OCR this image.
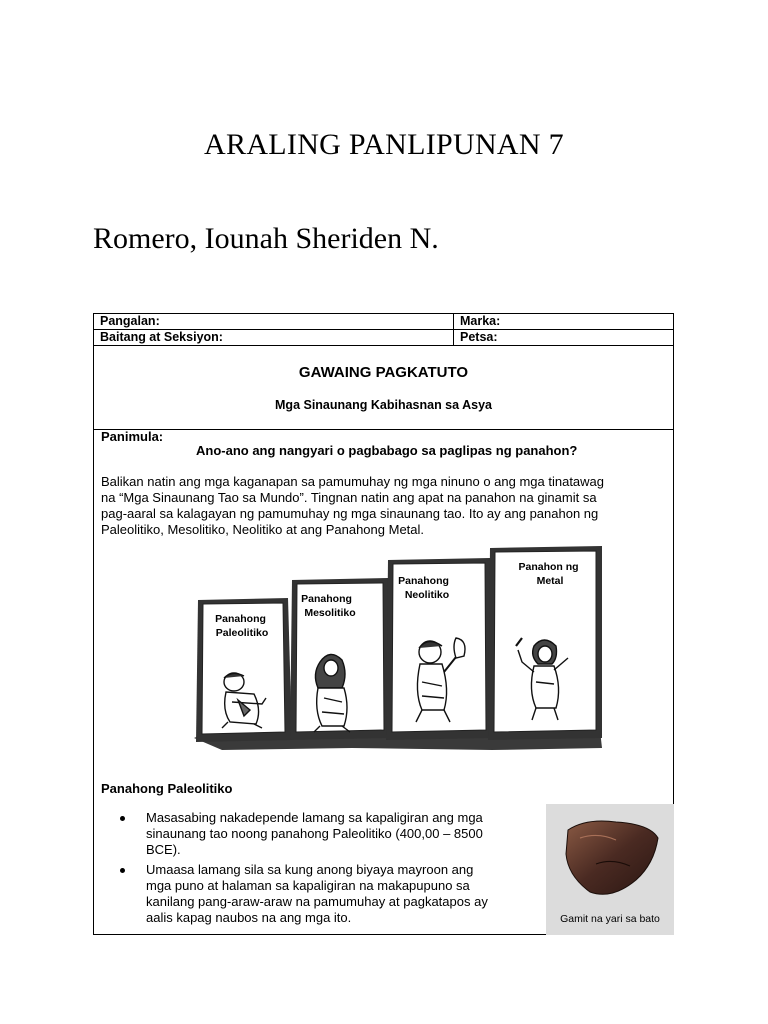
ARALING PANLIPUNAN 7
Romero, Iounah Sheriden N.
Pangalan:	Marka:
Baitang at Seksiyon:	Petsa:
GAWAING PAGKATUTO
Mga Sinaunang Kabihasnan sa Asya
Panimula:
Ano-ano ang nangyari o pagbabago sa paglipas ng panahon?
Balikan natin ang mga kaganapan sa pamumuhay ng mga ninuno o ang mga tinatawag
na “Mga Sinaunang Tao sa Mundo”. Tingnan natin ang apat na panahon na ginamit sa
pag-aaral sa kalagayan ng pamumuhay ng mga sinaunang tao. Ito ay ang panahon ng
Paleolitiko, Mesolitiko, Neolitiko at ang Panahong Metal.
Panahong Paleolitiko
Panahong Mesolitiko
Panahong Neolitiko
Panahon ng Metal
Panahong Paleolitiko
Masasabing nakadepende lamang sa kapaligiran ang mga
sinaunang tao noong panahong Paleolitiko (400,00 – 8500
BCE).
Umaasa lamang sila sa kung anong biyaya mayroon ang
mga puno at halaman sa kapaligiran na makapupuno sa
kanilang pang-araw-araw na pamumuhay at pagkatapos ay
aalis kapag naubos na ang mga ito.	Gamit na yari sa bato
